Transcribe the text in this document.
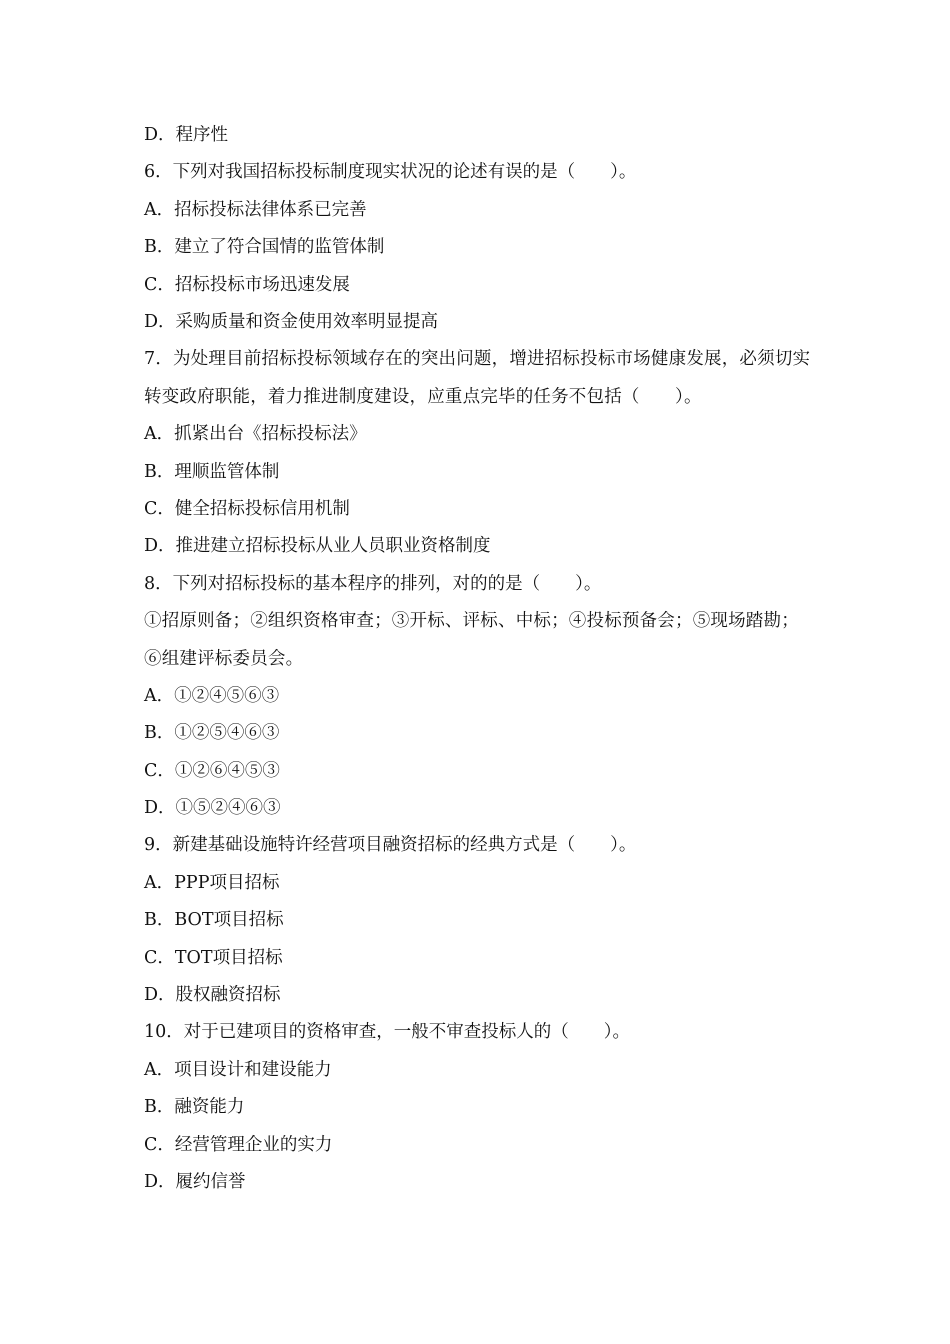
D．程序性
6．下列对我国招标投标制度现实状况的论述有误的是（　　）。
A．招标投标法律体系已完善
B．建立了符合国情的监管体制
C．招标投标市场迅速发展
D．采购质量和资金使用效率明显提高
7．为处理目前招标投标领域存在的突出问题，增进招标投标市场健康发展，必须切实转变政府职能，着力推进制度建设，应重点完毕的任务不包括（　　）。
A．抓紧出台《招标投标法》
B．理顺监管体制
C．健全招标投标信用机制
D．推进建立招标投标从业人员职业资格制度
8．下列对招标投标的基本程序的排列，对的的是（　　）。
①招原则备；②组织资格审查；③开标、评标、中标；④投标预备会；⑤现场踏勘；⑥组建评标委员会。
A．①②④⑤⑥③
B．①②⑤④⑥③
C．①②⑥④⑤③
D．①⑤②④⑥③
9．新建基础设施特许经营项目融资招标的经典方式是（　　）。
A．PPP项目招标
B．BOT项目招标
C．TOT项目招标
D．股权融资招标
10．对于已建项目的资格审查，一般不审查投标人的（　　）。
A．项目设计和建设能力
B．融资能力
C．经营管理企业的实力
D．履约信誉
